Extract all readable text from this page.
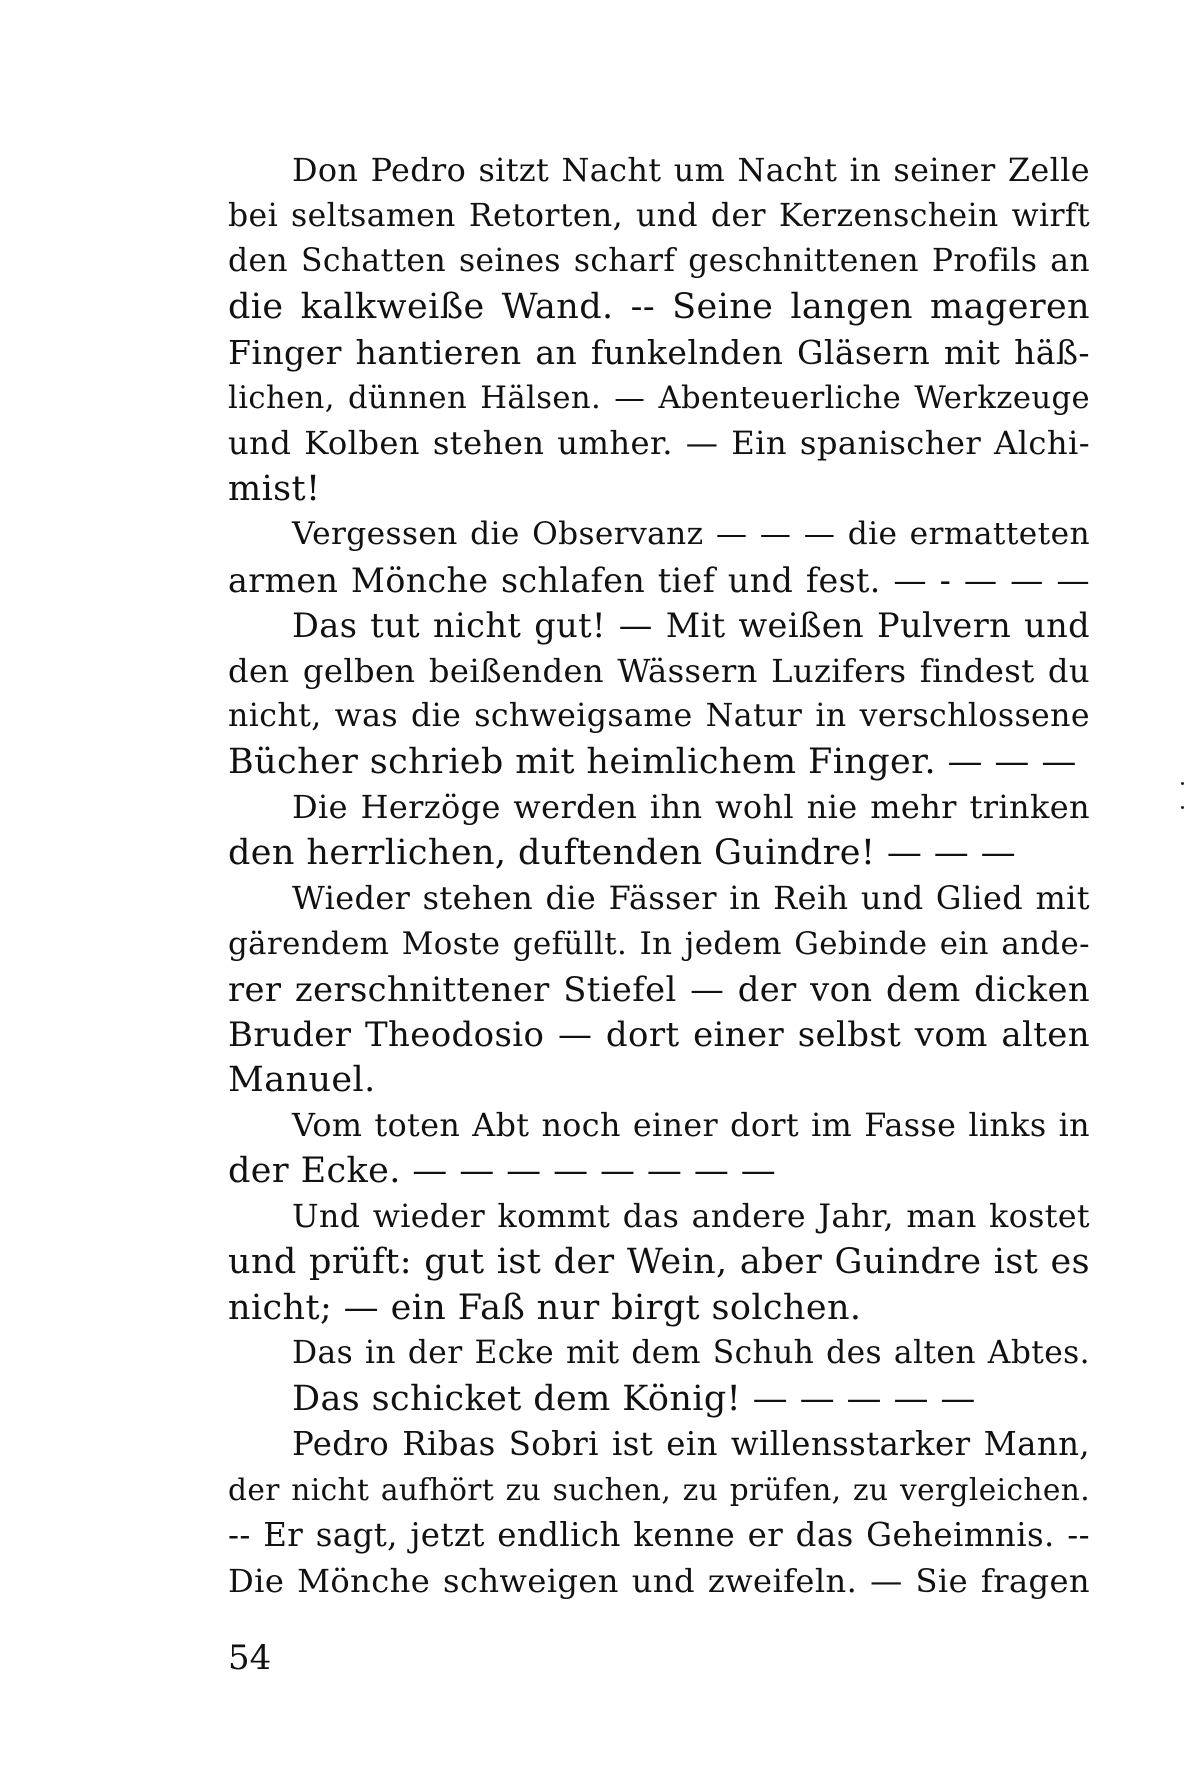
Don Pedro sitzt Nacht um Nacht in seiner Zelle
bei seltsamen Retorten, und der Kerzenschein wirft
den Schatten seines scharf geschnittenen Profils an
die kalkweiße Wand. -- Seine langen mageren
Finger hantieren an funkelnden Gläsern mit häß-
lichen, dünnen Hälsen. — Abenteuerliche Werkzeuge
und Kolben stehen umher. — Ein spanischer Alchi-
mist!
Vergessen die Observanz — — — die ermatteten
armen Mönche schlafen tief und fest. — - — — —
Das tut nicht gut! — Mit weißen Pulvern und
den gelben beißenden Wässern Luzifers findest du
nicht, was die schweigsame Natur in verschlossene
Bücher schrieb mit heimlichem Finger. — — —
Die Herzöge werden ihn wohl nie mehr trinken
den herrlichen, duftenden Guindre! — — —
Wieder stehen die Fässer in Reih und Glied mit
gärendem Moste gefüllt. In jedem Gebinde ein ande-
rer zerschnittener Stiefel — der von dem dicken
Bruder Theodosio — dort einer selbst vom alten
Manuel.
Vom toten Abt noch einer dort im Fasse links in
der Ecke. — — — — — — — —
Und wieder kommt das andere Jahr, man kostet
und prüft: gut ist der Wein, aber Guindre ist es
nicht; — ein Faß nur birgt solchen.
Das in der Ecke mit dem Schuh des alten Abtes.
Das schicket dem König! — — — — —
Pedro Ribas Sobri ist ein willensstarker Mann,
der nicht aufhört zu suchen, zu prüfen, zu vergleichen.
-- Er sagt, jetzt endlich kenne er das Geheimnis. --
Die Mönche schweigen und zweifeln. — Sie fragen
54
